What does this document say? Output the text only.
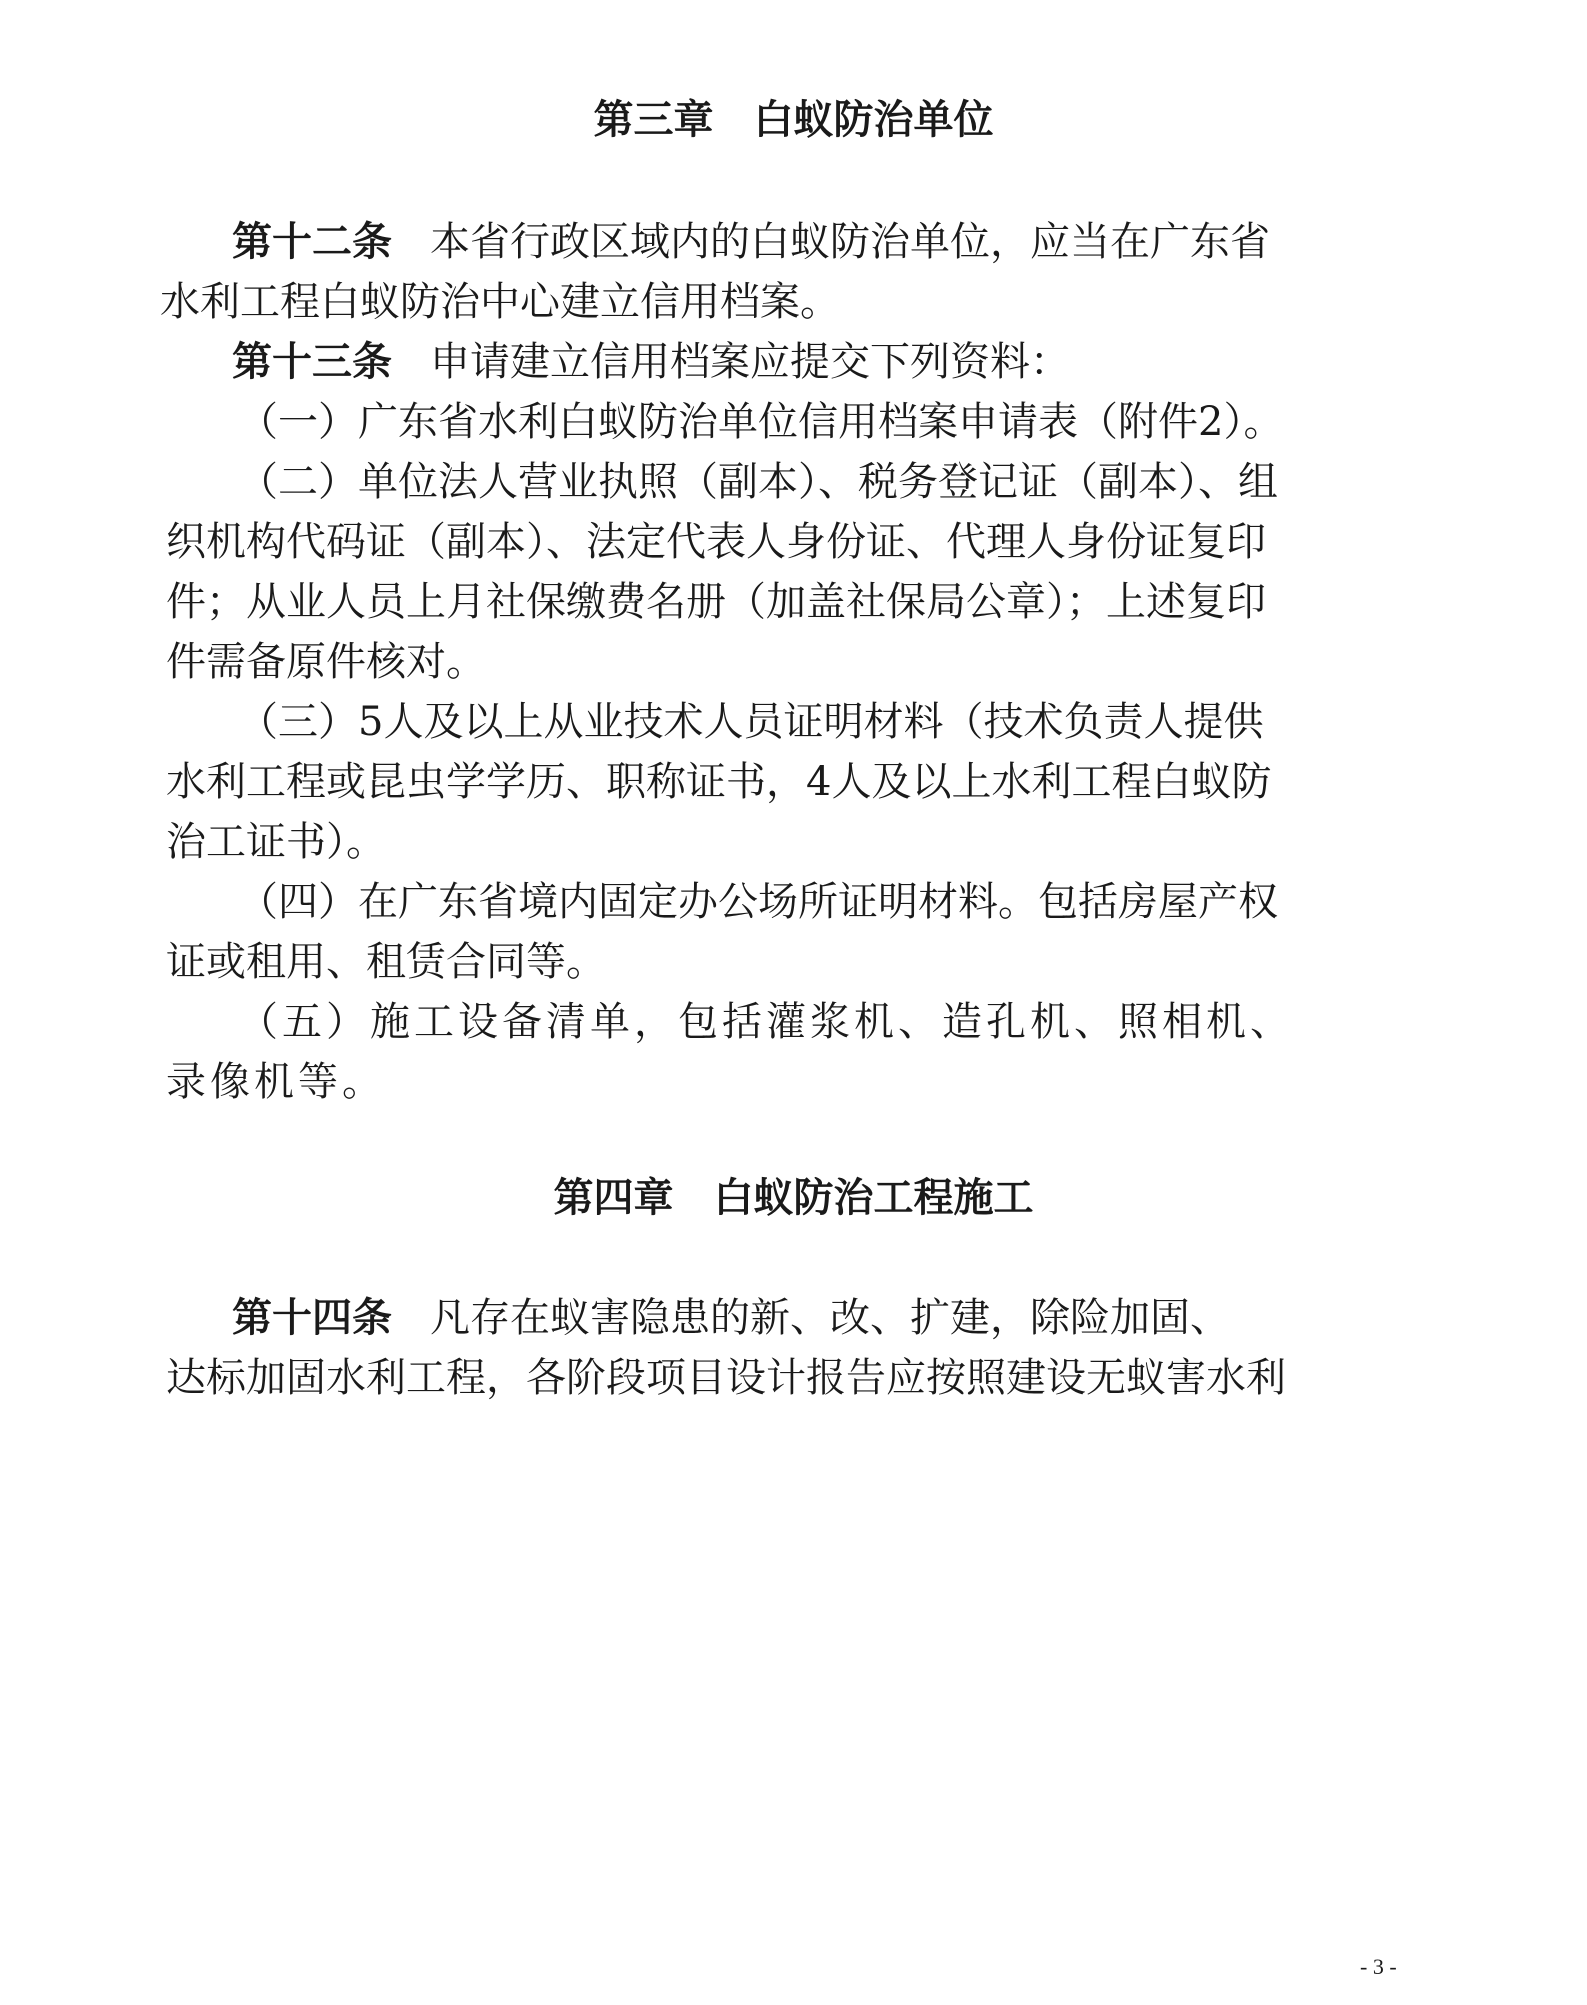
第三章　白蚁防治单位
第十二条 本省行政区域内的白蚁防治单位，应当在广东省
水利工程白蚁防治中心建立信用档案。
第十三条 申请建立信用档案应提交下列资料：
（一）广东省水利白蚁防治单位信用档案申请表（附件2）。
（二）单位法人营业执照（副本）、税务登记证（副本）、组
织机构代码证（副本）、法定代表人身份证、代理人身份证复印
件；从业人员上月社保缴费名册（加盖社保局公章）；上述复印
件需备原件核对。
（三）5人及以上从业技术人员证明材料（技术负责人提供
水利工程或昆虫学学历、职称证书，4人及以上水利工程白蚁防
治工证书）。
（四）在广东省境内固定办公场所证明材料。包括房屋产权
证或租用、租赁合同等。
（五）施工设备清单，包括灌浆机、造孔机、照相机、
录像机等。
第四章　白蚁防治工程施工
第十四条 凡存在蚁害隐患的新、改、扩建，除险加固、
达标加固水利工程，各阶段项目设计报告应按照建设无蚁害水利
- 3 -
